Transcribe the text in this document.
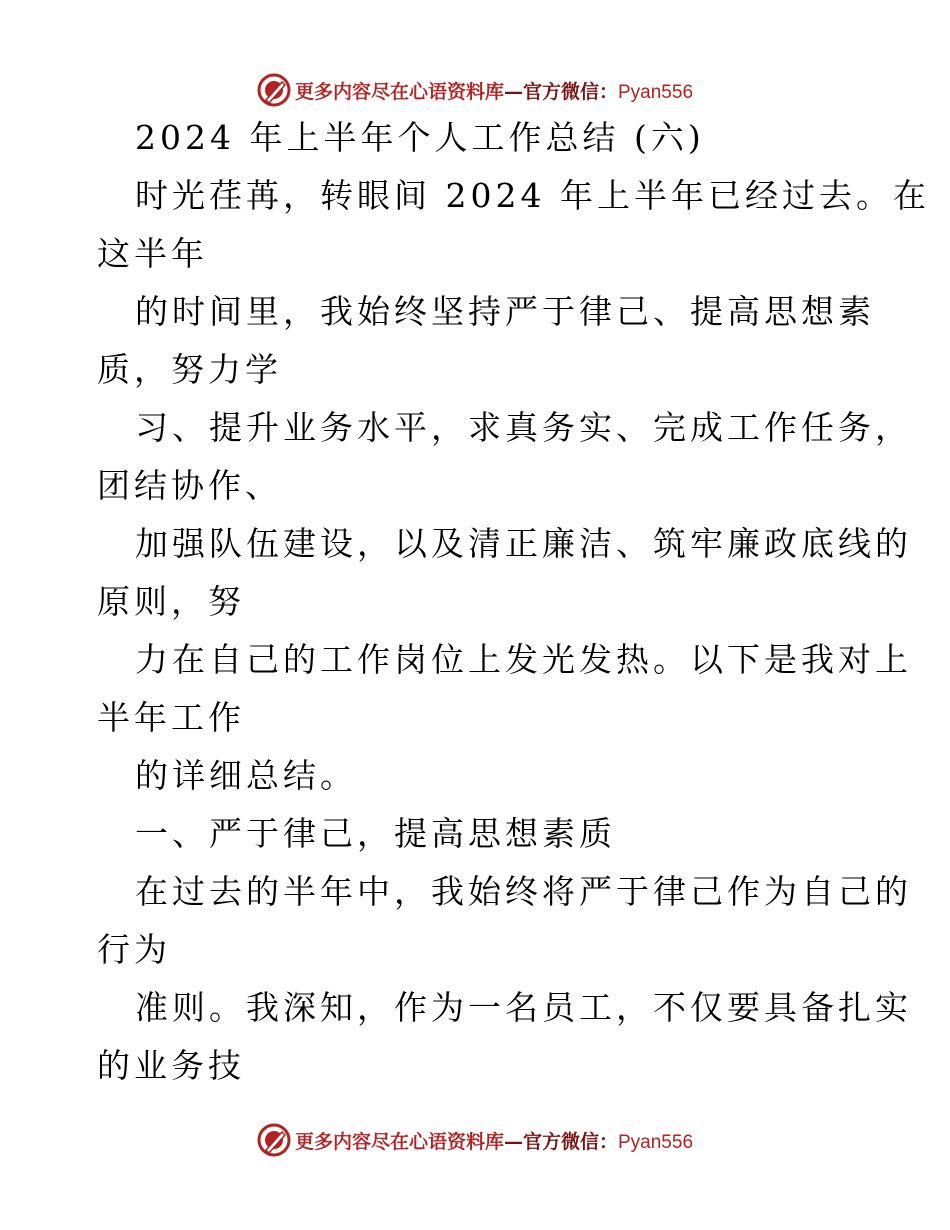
更多内容尽在心语资料库—官方微信：Pyan556
2024 年上半年个人工作总结 (六)
时光荏苒，转眼间 2024 年上半年已经过去。在
这半年
的时间里，我始终坚持严于律己、提高思想素
质，努力学
习、提升业务水平，求真务实、完成工作任务，
团结协作、
加强队伍建设，以及清正廉洁、筑牢廉政底线的
原则，努
力在自己的工作岗位上发光发热。以下是我对上
半年工作
的详细总结。
一、严于律己，提高思想素质
在过去的半年中，我始终将严于律己作为自己的
行为
准则。我深知，作为一名员工，不仅要具备扎实
的业务技
更多内容尽在心语资料库—官方微信：Pyan556
